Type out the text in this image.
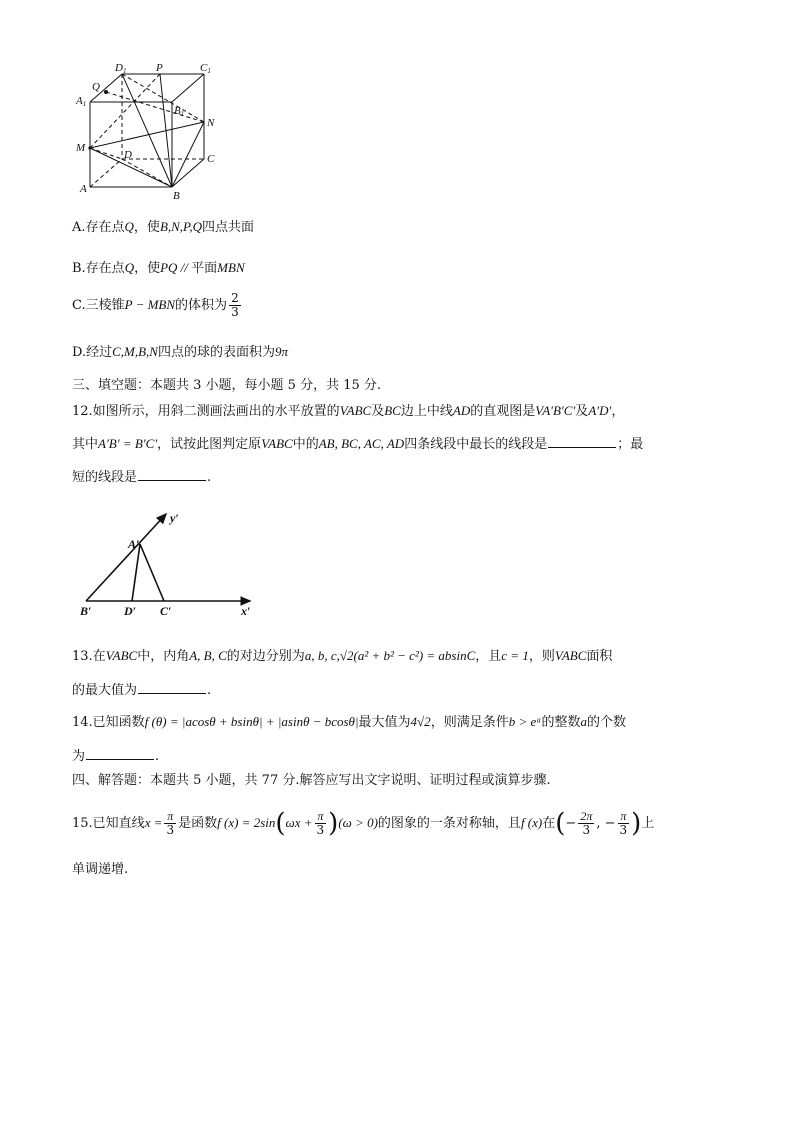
Q
D1	P	C1
A1
B1
N
M
D	C
A
B
A.存在点Q，使B,N,P,Q四点共面
B.存在点Q，使PQ // 平面MBN
C.三棱锥P − MBN的体积为 $\frac{2}{3}$
D.经过C,M,B,N四点的球的表面积为9π
三、填空题：本题共 3 小题，每小题 5 分，共 15 分.
12.如图所示，用斜二测画法画出的水平放置的VABC及BC边上中线AD的直观图是VA′B′C′及A′D′，
其中A′B′ = B′C′，试按此图判定原VABC中的AB, BC, AC, AD四条线段中最长的线段是	；最
短的线段是	.
y′
x′
A′
B′	D′ C′
13.在VABC中，内角A, B, C的对边分别为a, b, c,√2(a² + b² − c²) = absinC，且c = 1，则VABC面积
的最大值为	.
14.已知函数f (θ) = |acosθ + bsinθ| + |asinθ − bcosθ|最大值为4√2，则满足条件b > eᵃ的整数a的个数
为	.
四、解答题：本题共 5 小题，共 77 分.解答应写出文字说明、证明过程或演算步骤.
15.已知直线$x = \frac{\pi}{3}$ 是函数f $(x) = 2\sin(\omega x + \frac{\pi}{3} )(\omega > 0)$的图象的一条对称轴，且f (x)在(− $\frac{2\pi}{3}$ , − $\frac{\pi}{3}$ )上
单调递增.
